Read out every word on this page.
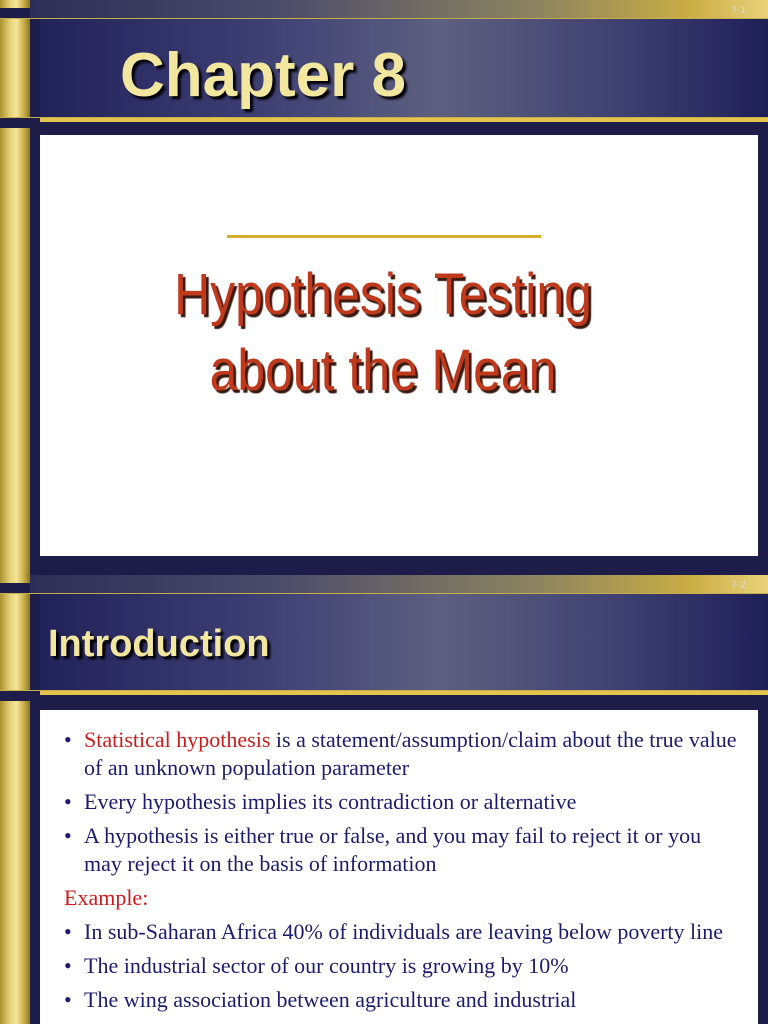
7-1
Chapter 8
Hypothesis Testing
about the Mean
7-2
Introduction
• Statistical hypothesis is a statement/assumption/claim about the true value of an unknown population parameter
• Every hypothesis implies its contradiction or alternative
• A hypothesis is either true or false, and you may fail to reject it or you may reject it on the basis of information
Example:
• In sub-Saharan Africa 40% of individuals are leaving below poverty line
• The industrial sector of our country is growing by 10%
• The wing association between agriculture and industrial
